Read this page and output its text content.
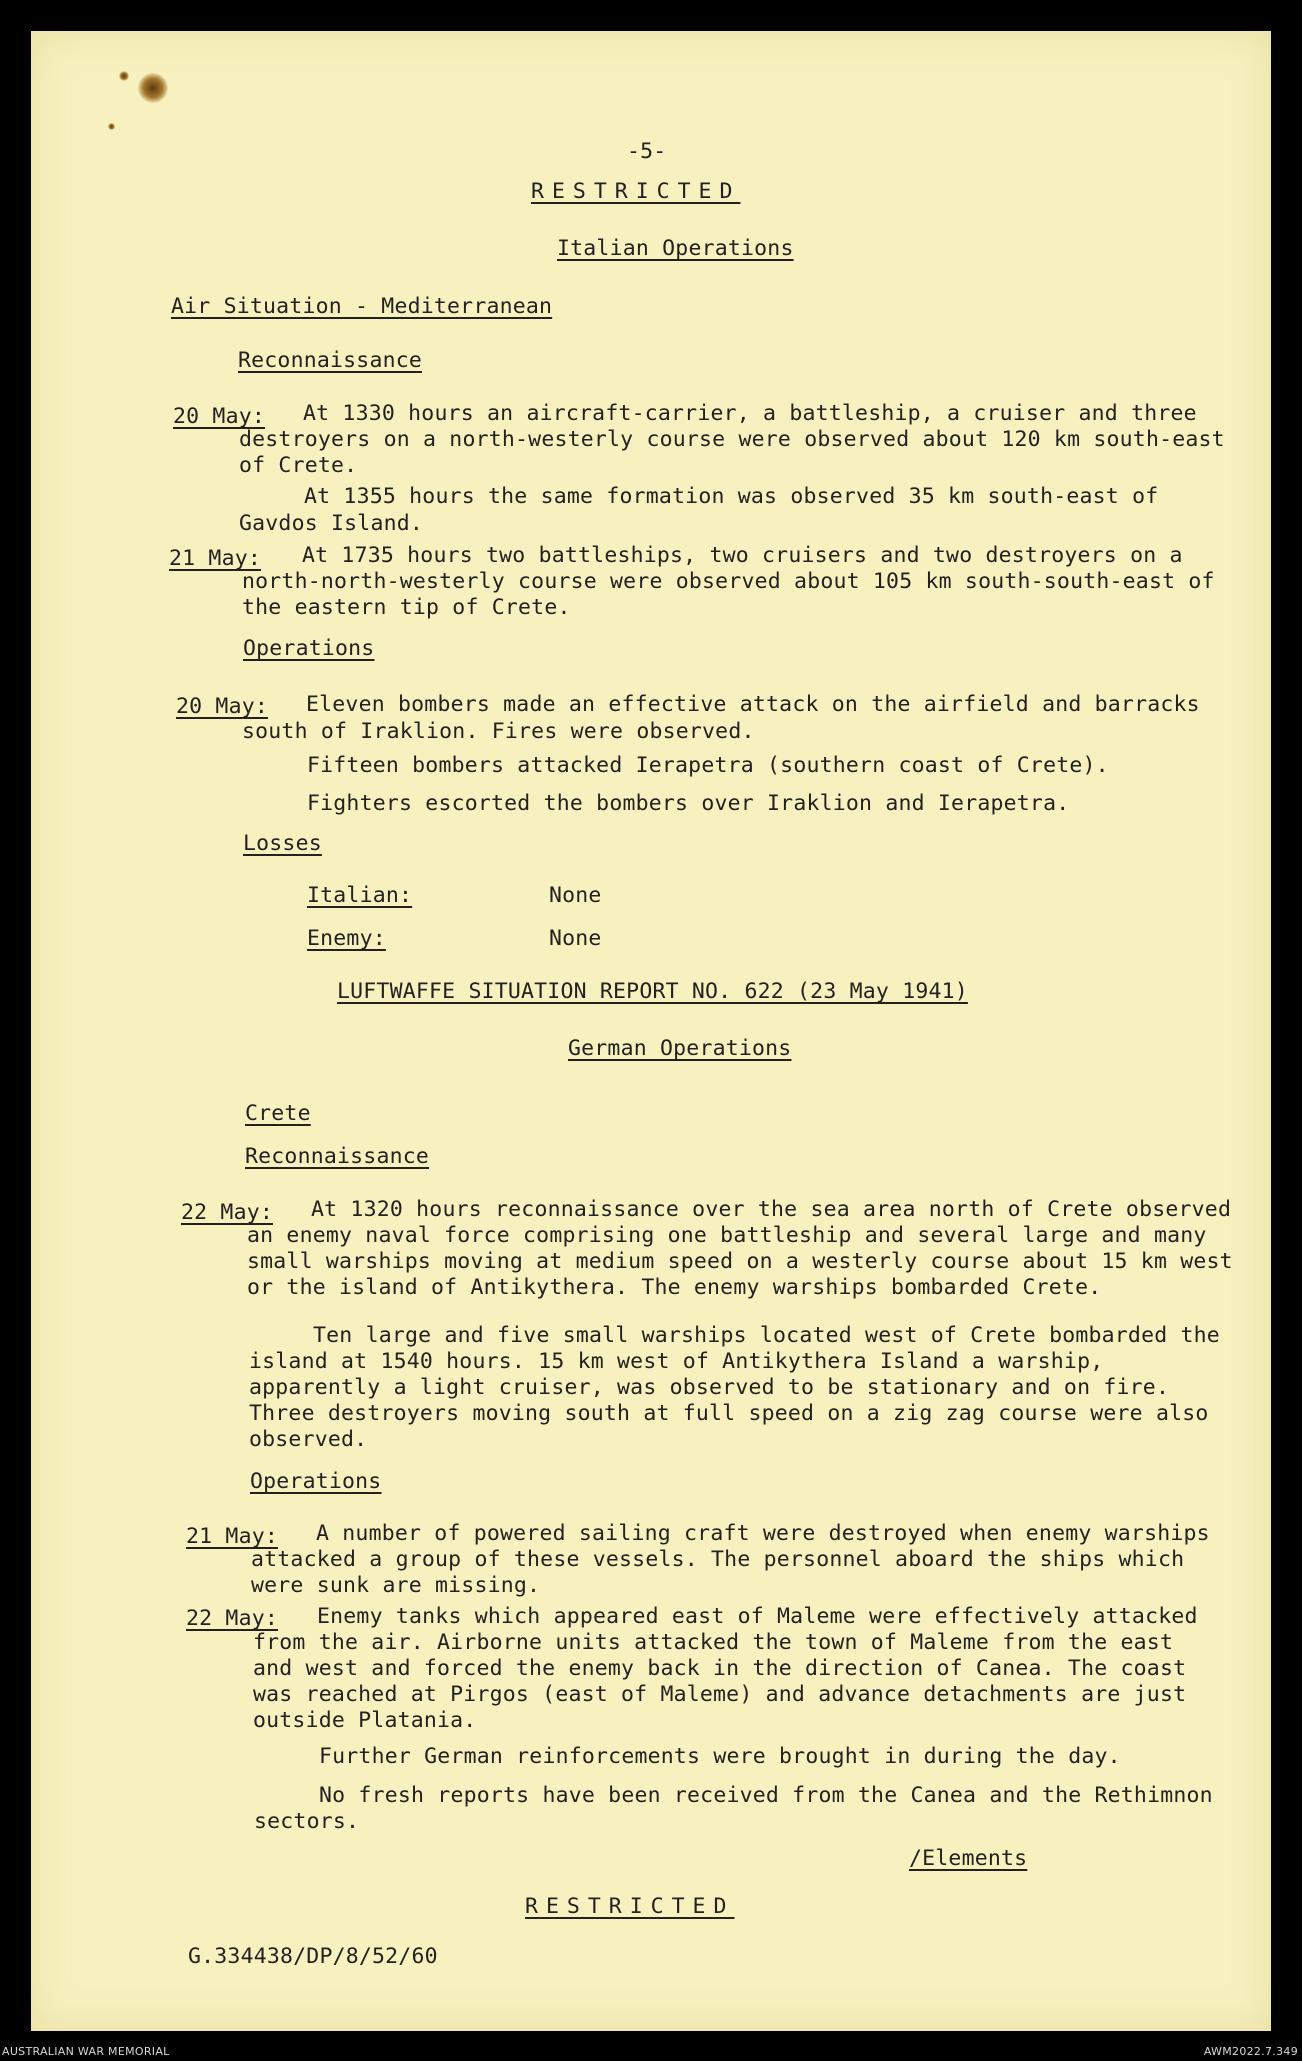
-5-
RESTRICTED
Italian Operations
Air Situation - Mediterranean
Reconnaissance
20 May: At 1330 hours an aircraft-carrier, a battleship, a cruiser and three
destroyers on a north-westerly course were observed about 120 km south-east
of Crete.
At 1355 hours the same formation was observed 35 km south-east of
Gavdos Island.
21 May: At 1735 hours two battleships, two cruisers and two destroyers on a
north-north-westerly course were observed about 105 km south-south-east of
the eastern tip of Crete.
Operations
20 May: Eleven bombers made an effective attack on the airfield and barracks
south of Iraklion. Fires were observed.
Fifteen bombers attacked Ierapetra (southern coast of Crete).
Fighters escorted the bombers over Iraklion and Ierapetra.
Losses
Italian:	None
Enemy:	None
LUFTWAFFE SITUATION REPORT NO. 622 (23 May 1941)
German Operations
Crete
Reconnaissance
22 May: At 1320 hours reconnaissance over the sea area north of Crete observed
an enemy naval force comprising one battleship and several large and many
small warships moving at medium speed on a westerly course about 15 km west
or the island of Antikythera. The enemy warships bombarded Crete.
Ten large and five small warships located west of Crete bombarded the
island at 1540 hours. 15 km west of Antikythera Island a warship,
apparently a light cruiser, was observed to be stationary and on fire.
Three destroyers moving south at full speed on a zig zag course were also
observed.
Operations
21 May: A number of powered sailing craft were destroyed when enemy warships
attacked a group of these vessels. The personnel aboard the ships which
were sunk are missing.
22 May: Enemy tanks which appeared east of Maleme were effectively attacked
from the air. Airborne units attacked the town of Maleme from the east
and west and forced the enemy back in the direction of Canea. The coast
was reached at Pirgos (east of Maleme) and advance detachments are just
outside Platania.
Further German reinforcements were brought in during the day.
No fresh reports have been received from the Canea and the Rethimnon
sectors.
/Elements
RESTRICTED
G.334438/DP/8/52/60
AUSTRALIAN WAR MEMORIAL	AWM2022.7.349
